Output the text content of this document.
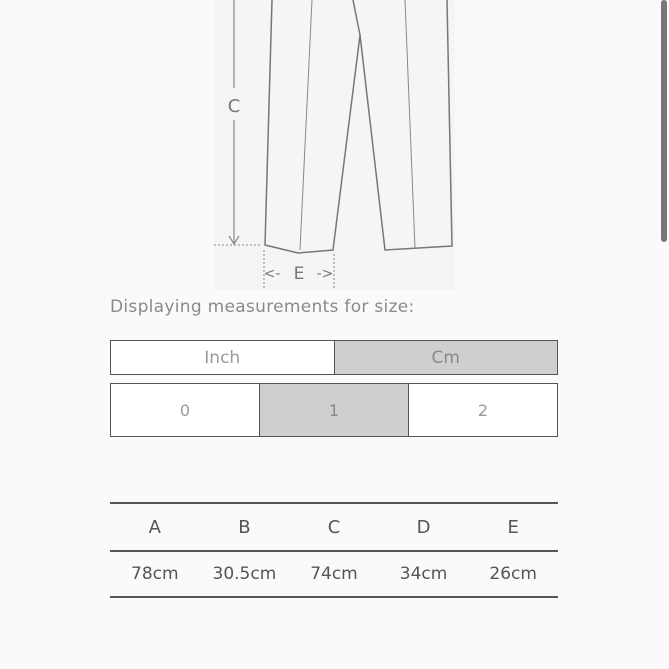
C
<- E ->
Displaying measurements for size:
Inch	Cm
0	1	2
A	B	C	D	E
78cm	30.5cm	74cm	34cm	26cm
